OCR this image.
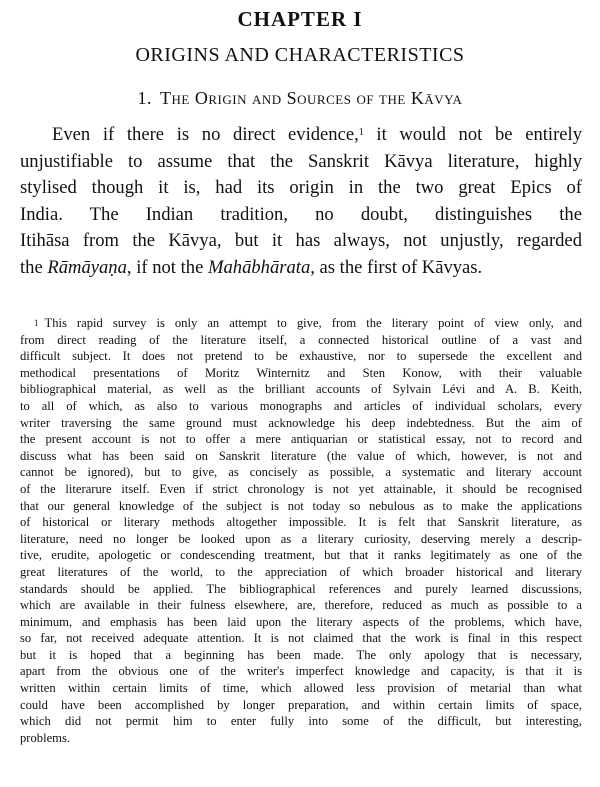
CHAPTER I
ORIGINS AND CHARACTERISTICS
1. The Origin and Sources of the Kāvya
Even if there is no direct evidence,$^1$ it would not be entirely
unjustifiable to assume that the Sanskrit Kāvya literature, highly
stylised though it is, had its origin in the two great Epics of
India. The Indian tradition, no doubt, distinguishes the
Itihāsa from the Kāvya, but it has always, not unjustly, regarded
the Rāmāyaṇa, if not the Mahābhārata, as the first of Kāvyas.
$^1$ This rapid survey is only an attempt to give, from the literary point of view only, and
from direct reading of the literature itself, a connected historical outline of a vast and
difficult subject. It does not pretend to be exhaustive, nor to supersede the excellent and
methodical presentations of Moritz Winternitz and Sten Konow, with their valuable
bibliographical material, as well as the brilliant accounts of Sylvain Lévi and A. B. Keith,
to all of which, as also to various monographs and articles of individual scholars, every
writer traversing the same ground must acknowledge his deep indebtedness. But the aim of
the present account is not to offer a mere antiquarian or statistical essay, not to record and
discuss what has been said on Sanskrit literature (the value of which, however, is not and
cannot be ignored), but to give, as concisely as possible, a systematic and literary account
of the literarure itself. Even if strict chronology is not yet attainable, it should be recognised
that our general knowledge of the subject is not today so nebulous as to make the applications
of historical or literary methods altogether impossible. It is felt that Sanskrit literature, as
literature, need no longer be looked upon as a literary curiosity, deserving merely a descrip-
tive, erudite, apologetic or condescending treatment, but that it ranks legitimately as one of the
great literatures of the world, to the appreciation of which broader historical and literary
standards should be applied. The bibliographical references and purely learned discussions,
which are available in their fulness elsewhere, are, therefore, reduced as much as possible to a
minimum, and emphasis has been laid upon the literary aspects of the problems, which have,
so far, not received adequate attention. It is not claimed that the work is final in this respect
but it is hoped that a beginning has been made. The only apology that is necessary,
apart from the obvious one of the writer's imperfect knowledge and capacity, is that it is
written within certain limits of time, which allowed less provision of metarial than what
could have been accomplished by longer preparation, and within certain limits of space,
which did not permit him to enter fully into some of the difficult, but interesting,
problems.
